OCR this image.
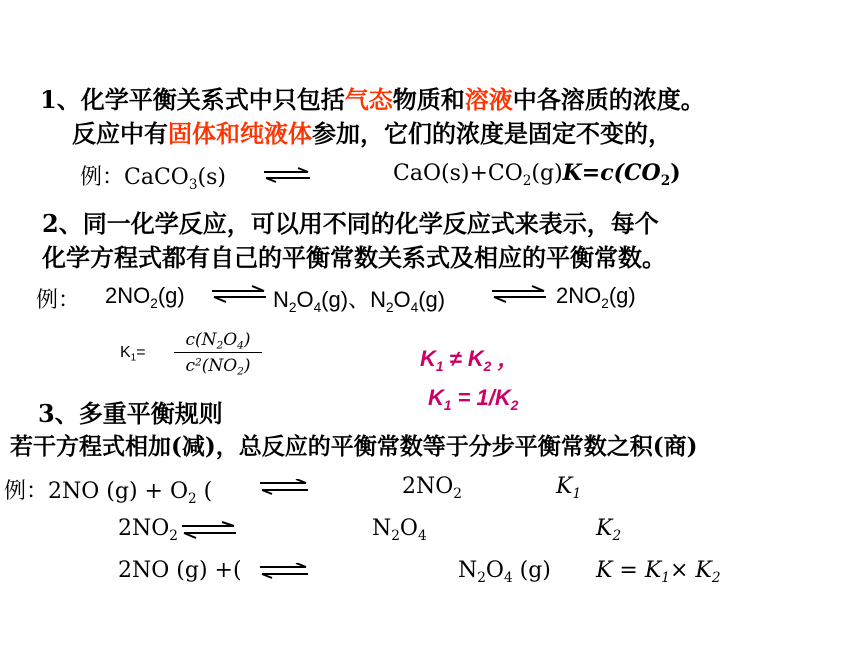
1、化学平衡关系式中只包括气态物质和溶液中各溶质的浓度。
反应中有固体和纯液体参加，它们的浓度是固定不变的，
例：CaCO$_3$(s)	$CaO(s)+CO_2(g)K=c(CO_2)$
2、同一化学反应，可以用不同的化学反应式来表示，每个
化学方程式都有自己的平衡常数关系式及相应的平衡常数。
例： $2NO_2(g)$ ⇌ $N_2O_4(g)$、$N_2O_4(g)$	⇌ $2NO_2(g)$
$K_1=$
$c(N_2O_4)$
$c^2(NO_2)$	$K_1 \ne K_2$ ，
$K_1 = 1/K_2$
3、多重平衡规则
若干方程式相加(减)，总反应的平衡常数等于分步平衡常数之积(商)
例：2NO $(g) + O_2$ (	$2NO_2$	$K_1$
$2NO_2$ ⇌	$N_2O_4$	$K_2$
2NO (g) +( ⇌	$N_2O_4$ (g) $K = K_1\times K_2$
